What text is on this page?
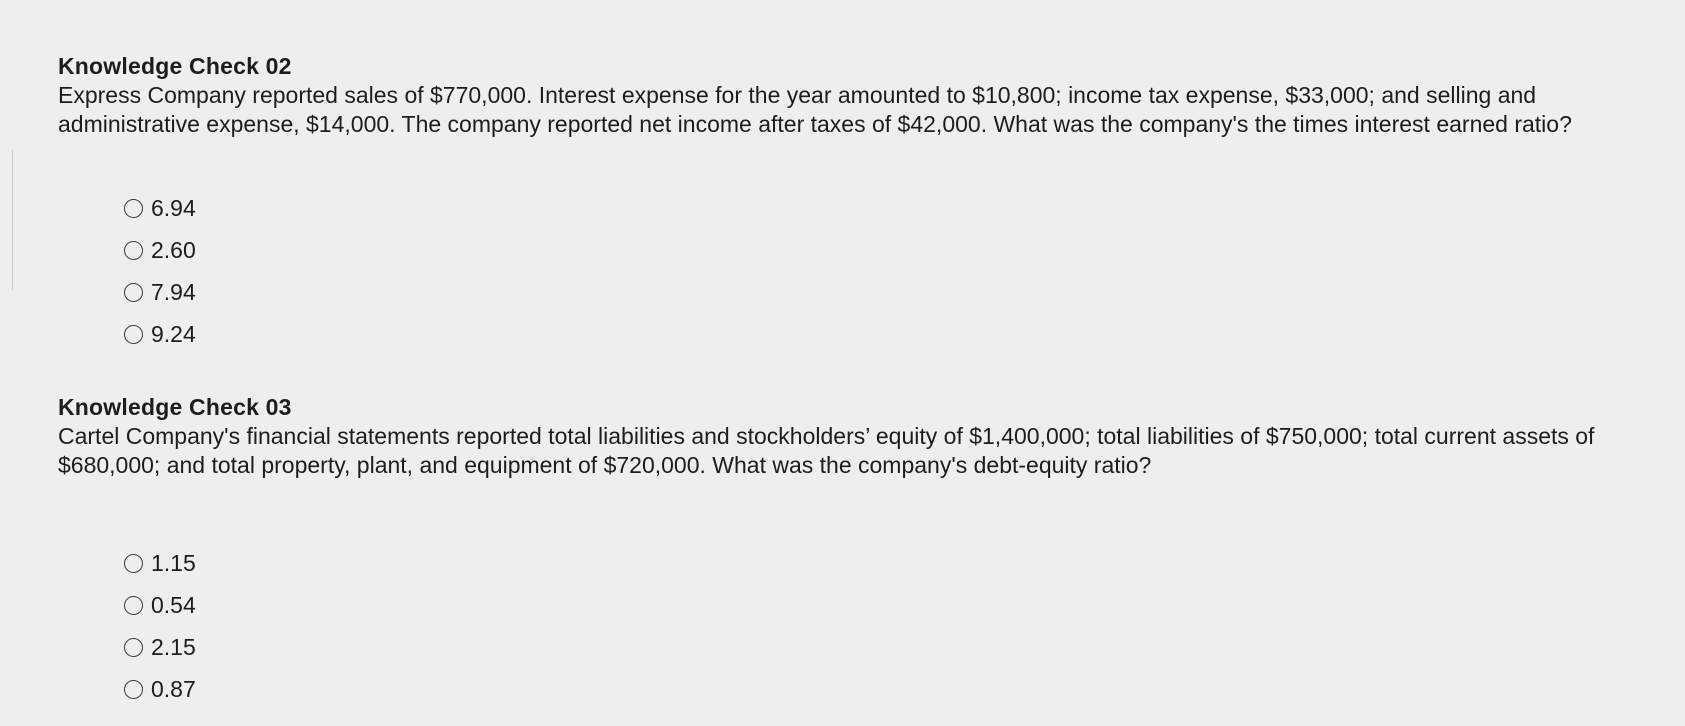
Knowledge Check 02

Express Company reported sales of $770,000. Interest expense for the year amounted to $10,800; income tax expense, $33,000; and selling and administrative expense, $14,000. The company reported net income after taxes of $42,000. What was the company's the times interest earned ratio?

6.94
2.60
7.94
9.24
Knowledge Check 03

Cartel Company's financial statements reported total liabilities and stockholders’ equity of $1,400,000; total liabilities of $750,000; total current assets of $680,000; and total property, plant, and equipment of $720,000. What was the company's debt-equity ratio?

1.15
0.54
2.15
0.87
